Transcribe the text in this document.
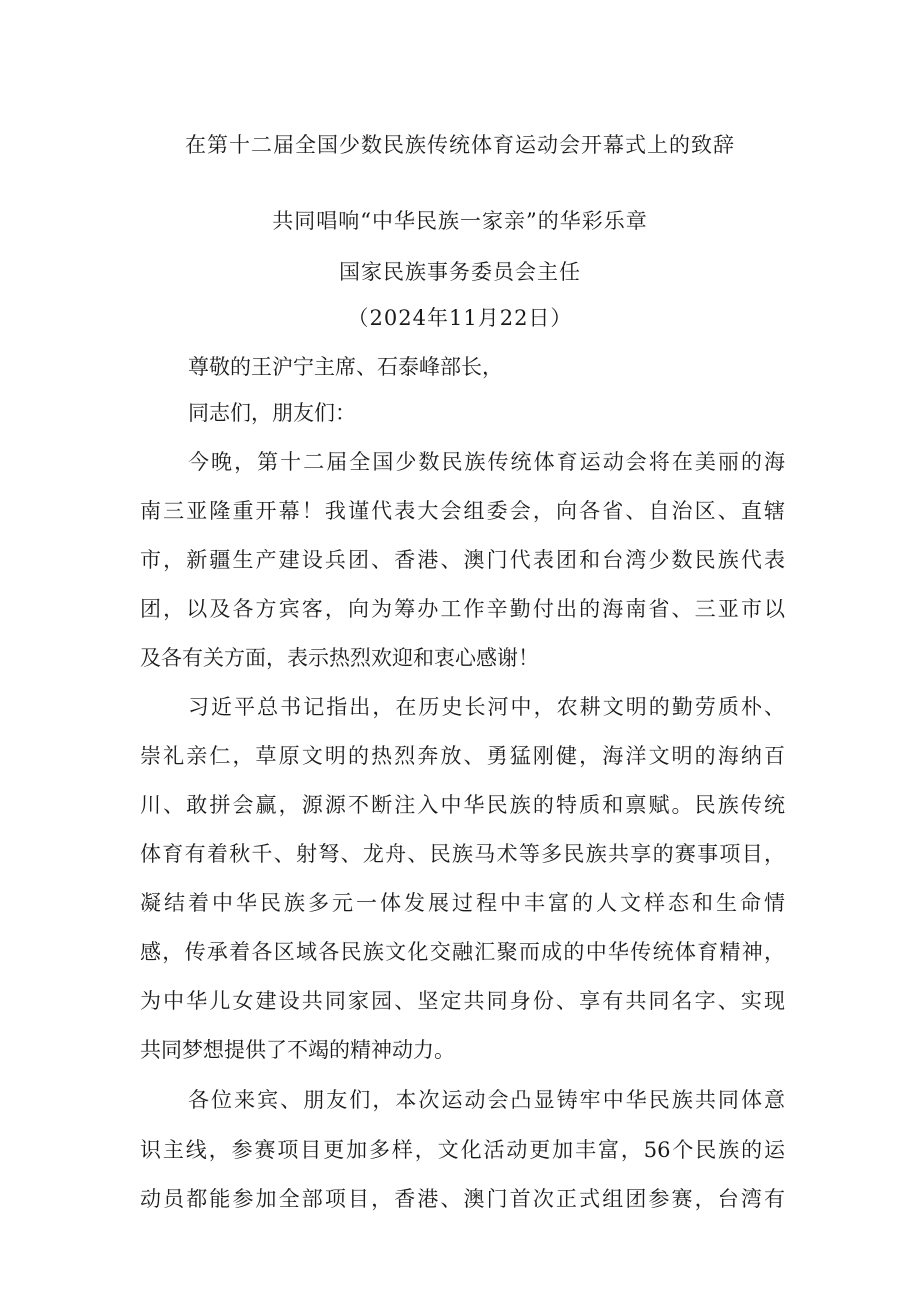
在第十二届全国少数民族传统体育运动会开幕式上的致辞
共同唱响“中华民族一家亲”的华彩乐章
国家民族事务委员会主任
（2024年11月22日）
尊敬的王沪宁主席、石泰峰部长，
同志们，朋友们：
今晚，第十二届全国少数民族传统体育运动会将在美丽的海
南三亚隆重开幕！我谨代表大会组委会，向各省、自治区、直辖
市，新疆生产建设兵团、香港、澳门代表团和台湾少数民族代表
团，以及各方宾客，向为筹办工作辛勤付出的海南省、三亚市以
及各有关方面，表示热烈欢迎和衷心感谢！
习近平总书记指出，在历史长河中，农耕文明的勤劳质朴、
崇礼亲仁，草原文明的热烈奔放、勇猛刚健，海洋文明的海纳百
川、敢拼会赢，源源不断注入中华民族的特质和禀赋。民族传统
体育有着秋千、射弩、龙舟、民族马术等多民族共享的赛事项目，
凝结着中华民族多元一体发展过程中丰富的人文样态和生命情
感，传承着各区域各民族文化交融汇聚而成的中华传统体育精神，
为中华儿女建设共同家园、坚定共同身份、享有共同名字、实现
共同梦想提供了不竭的精神动力。
各位来宾、朋友们，本次运动会凸显铸牢中华民族共同体意
识主线，参赛项目更加多样，文化活动更加丰富，56个民族的运
动员都能参加全部项目，香港、澳门首次正式组团参赛，台湾有
